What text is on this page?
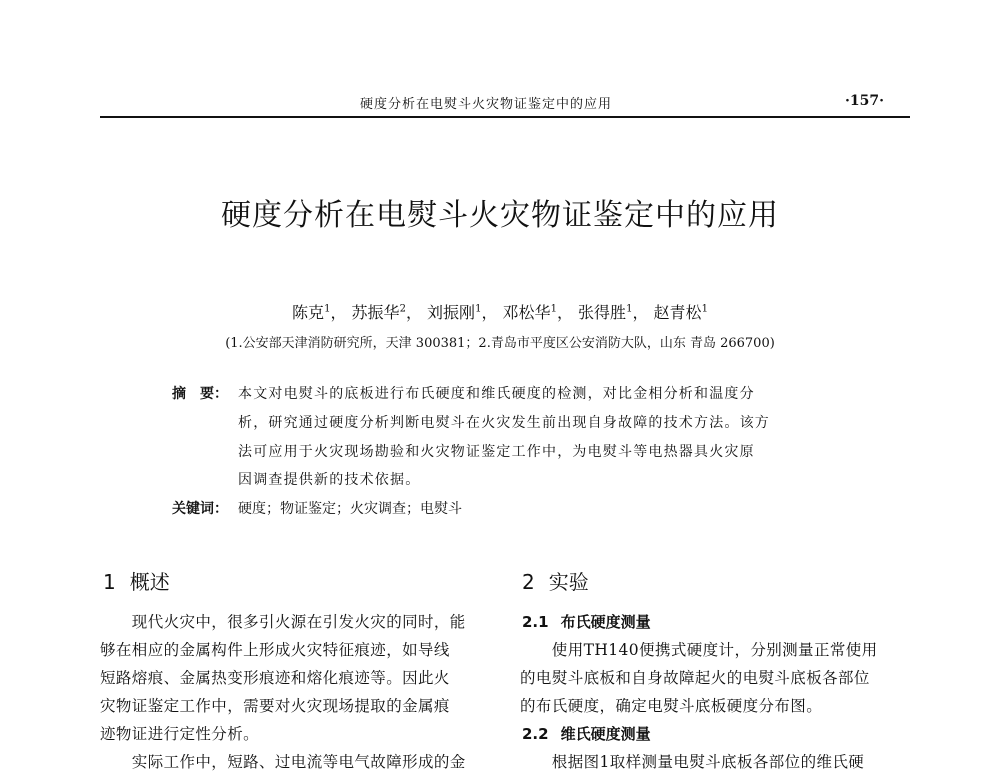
硬度分析在电熨斗火灾物证鉴定中的应用	·157·
硬度分析在电熨斗火灾物证鉴定中的应用
陈克$^1$， 苏振华$^2$， 刘振刚$^1$， 邓松华$^1$， 张得胜$^1$， 赵青松$^1$
(1.公安部天津消防研究所，天津 300381；2.青岛市平度区公安消防大队，山东 青岛 266700)
摘　要： 本文对电熨斗的底板进行布氏硬度和维氏硬度的检测，对比金相分析和温度分
析，研究通过硬度分析判断电熨斗在火灾发生前出现自身故障的技术方法。该方
法可应用于火灾现场勘验和火灾物证鉴定工作中，为电熨斗等电热器具火灾原
因调查提供新的技术依据。
关键词： 硬度；物证鉴定；火灾调查；电熨斗
1 概述
　　现代火灾中，很多引火源在引发火灾的同时，能
够在相应的金属构件上形成火灾特征痕迹，如导线
短路熔痕、金属热变形痕迹和熔化痕迹等。因此火
灾物证鉴定工作中，需要对火灾现场提取的金属痕
迹物证进行定性分析。
　　实际工作中，短路、过电流等电气故障形成的金
2 实验
2.1 布氏硬度测量
　　使用TH140便携式硬度计，分别测量正常使用
的电熨斗底板和自身故障起火的电熨斗底板各部位
的布氏硬度，确定电熨斗底板硬度分布图。
2.2 维氏硬度测量
　　根据图1取样测量电熨斗底板各部位的维氏硬
